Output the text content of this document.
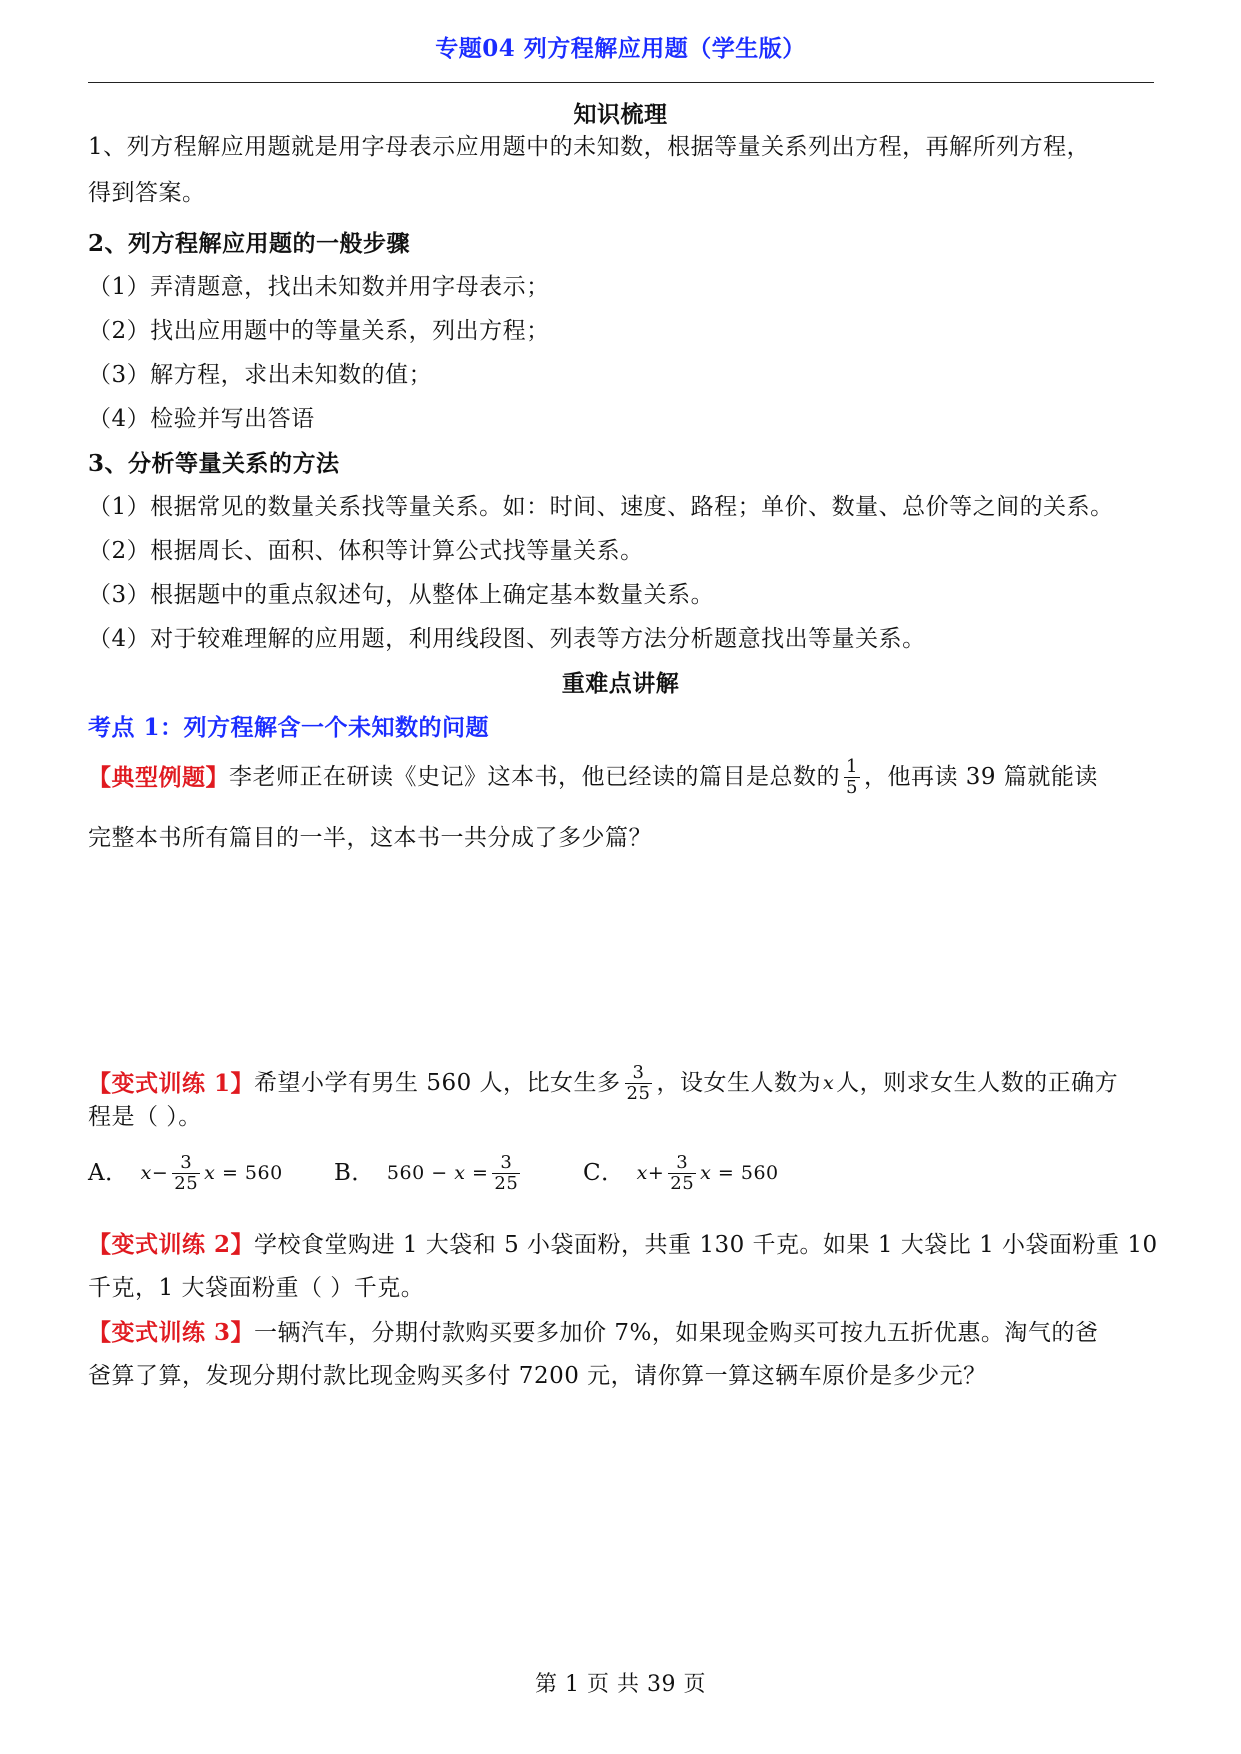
专题04 列方程解应用题（学生版）
知识梳理
1、列方程解应用题就是用字母表示应用题中的未知数，根据等量关系列出方程，再解所列方程，
得到答案。
2、列方程解应用题的一般步骤
（1）弄清题意，找出未知数并用字母表示；
（2）找出应用题中的等量关系，列出方程；
（3）解方程，求出未知数的值；
（4）检验并写出答语
3、分析等量关系的方法
（1）根据常见的数量关系找等量关系。如：时间、速度、路程；单价、数量、总价等之间的关系。
（2）根据周长、面积、体积等计算公式找等量关系。
（3）根据题中的重点叙述句，从整体上确定基本数量关系。
（4）对于较难理解的应用题，利用线段图、列表等方法分析题意找出等量关系。
重难点讲解
考点 1：列方程解含一个未知数的问题
【典型例题】 李老师正在研读《史记》这本书，他已经读的篇目是总数的 $\frac{1}{5}$ ，他再读 39 篇就能读
完整本书所有篇目的一半，这本书一共分成了多少篇？
【变式训练 1】 希望小学有男生 560 人，比女生多 $\frac{3}{25}$ ，设女生人数为 x 人，则求女生人数的正确方
程是（ ）。
A． $x- \frac{3}{25}$ x = 560 B． $560 - x = \frac{3}{25}$	C． $x+ \frac{3}{25}$ x = 560
【变式训练 2】学校食堂购进 1 大袋和 5 小袋面粉，共重 130 千克。如果 1 大袋比 1 小袋面粉重 10
千克，1 大袋面粉重（ ）千克。
【变式训练 3】一辆汽车，分期付款购买要多加价 7%，如果现金购买可按九五折优惠。淘气的爸
爸算了算，发现分期付款比现金购买多付 7200 元，请你算一算这辆车原价是多少元？
第 1 页 共 39 页
